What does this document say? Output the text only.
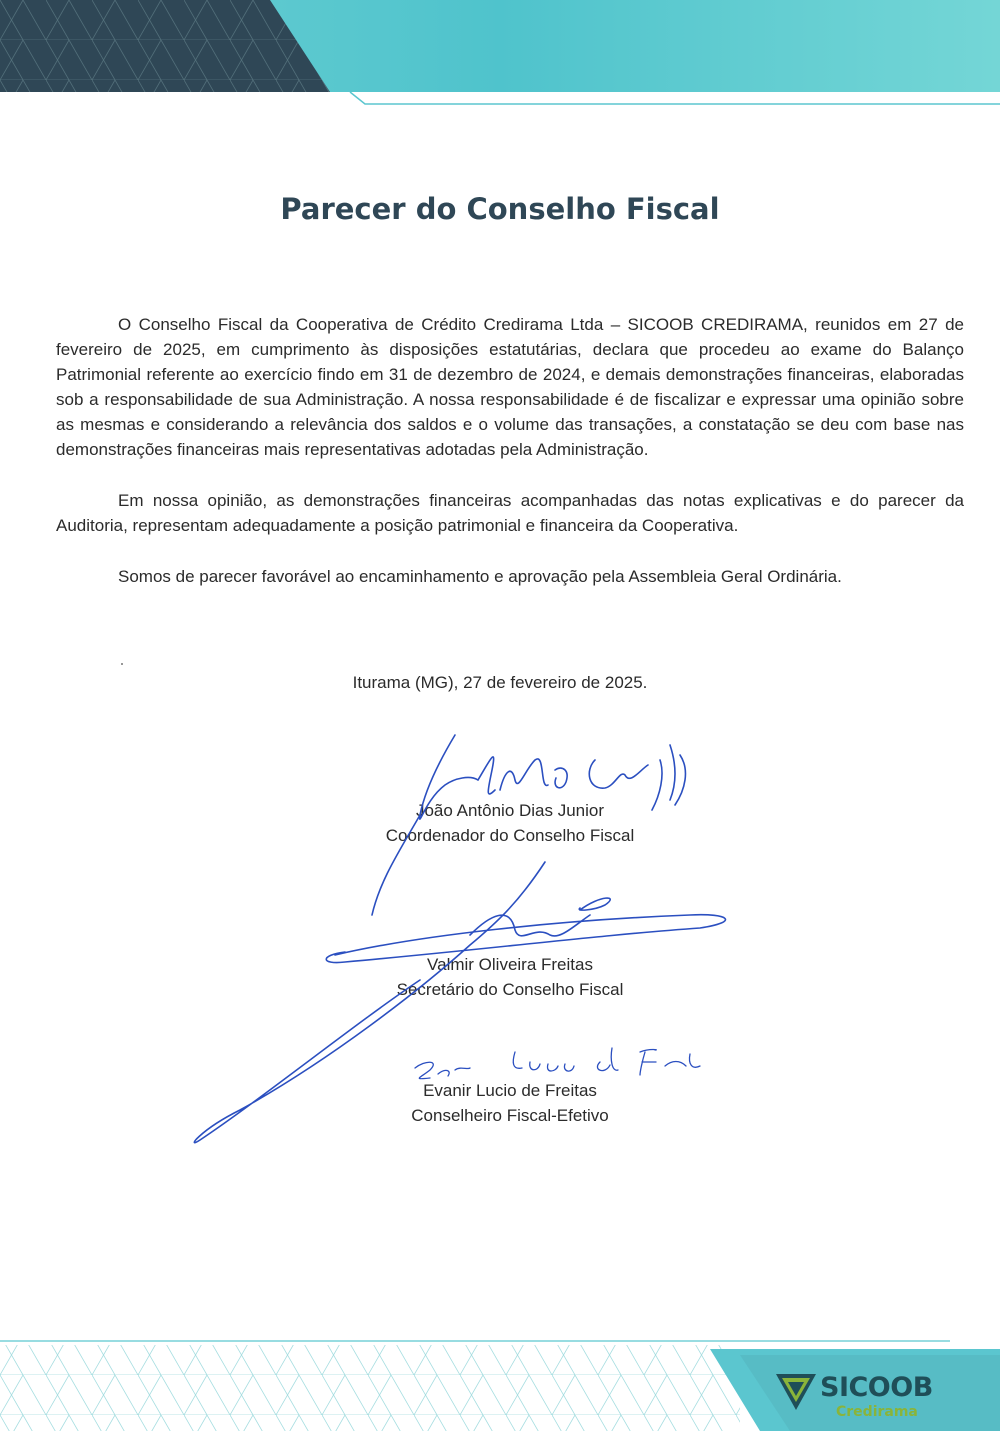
Parecer do Conselho Fiscal

O Conselho Fiscal da Cooperativa de Crédito Credirama Ltda – SICOOB CREDIRAMA, reunidos em 27 de fevereiro de 2025, em cumprimento às disposições estatutárias, declara que procedeu ao exame do Balanço Patrimonial referente ao exercício findo em 31 de dezembro de 2024, e demais demonstrações financeiras, elaboradas sob a responsabilidade de sua Administração. A nossa responsabilidade é de fiscalizar e expressar uma opinião sobre as mesmas e considerando a relevância dos saldos e o volume das transações, a constatação se deu com base nas demonstrações financeiras mais representativas adotadas pela Administração.

Em nossa opinião, as demonstrações financeiras acompanhadas das notas explicativas e do parecer da Auditoria, representam adequadamente a posição patrimonial e financeira da Cooperativa.

Somos de parecer favorável ao encaminhamento e aprovação pela Assembleia Geral Ordinária.

Iturama (MG), 27 de fevereiro de 2025.
João Antônio Dias Junior
Coordenador do Conselho Fiscal
Valmir Oliveira Freitas
Secretário do Conselho Fiscal
Evanir Lucio de Freitas
Conselheiro Fiscal-Efetivo
SICOOB
Credirama
